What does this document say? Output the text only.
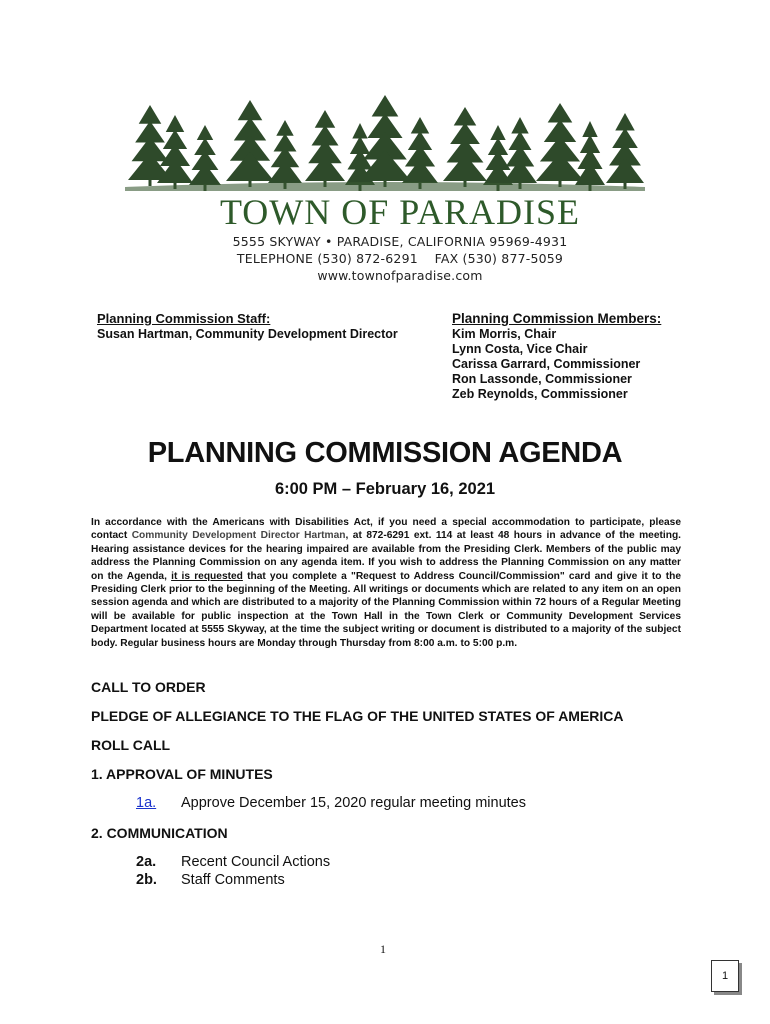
TOWN OF PARADISE
5555 SKYWAY • PARADISE, CALIFORNIA 95969-4931
TELEPHONE (530) 872-6291    FAX (530) 877-5059
www.townofparadise.com
Planning Commission Staff:
Susan Hartman, Community Development Director
Planning Commission Members:
Kim Morris, Chair
Lynn Costa, Vice Chair
Carissa Garrard, Commissioner
Ron Lassonde, Commissioner
Zeb Reynolds, Commissioner
PLANNING COMMISSION AGENDA
6:00 PM – February 16, 2021
In accordance with the Americans with Disabilities Act, if you need a special accommodation to participate, please contact Community Development Director Hartman, at 872-6291 ext. 114 at least 48 hours in advance of the meeting. Hearing assistance devices for the hearing impaired are available from the Presiding Clerk. Members of the public may address the Planning Commission on any agenda item. If you wish to address the Planning Commission on any matter on the Agenda, it is requested that you complete a "Request to Address Council/Commission" card and give it to the Presiding Clerk prior to the beginning of the Meeting. All writings or documents which are related to any item on an open session agenda and which are distributed to a majority of the Planning Commission within 72 hours of a Regular Meeting will be available for public inspection at the Town Hall in the Town Clerk or Community Development Services Department located at 5555 Skyway, at the time the subject writing or document is distributed to a majority of the subject body. Regular business hours are Monday through Thursday from 8:00 a.m. to 5:00 p.m.
CALL TO ORDER
PLEDGE OF ALLEGIANCE TO THE FLAG OF THE UNITED STATES OF AMERICA
ROLL CALL
1. APPROVAL OF MINUTES
1a. Approve December 15, 2020 regular meeting minutes
2. COMMUNICATION
2a. Recent Council Actions
2b. Staff Comments
1
1
